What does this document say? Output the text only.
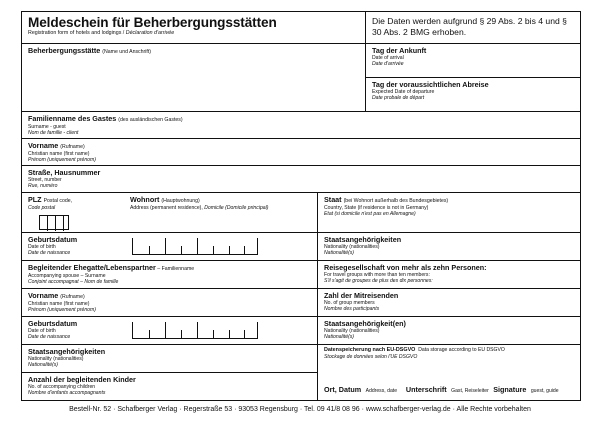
Meldeschein für Beherbergungsstätten
Registration form of hotels and lodgings / Déclaration d'arrivée
Die Daten werden aufgrund § 29 Abs. 2 bis 4 und § 30 Abs. 2 BMG erhoben.
Beherbergungsstätte (Name und Anschrift)	Tag der Ankunft
Date of arrival
Date d'arrivée
Tag der voraussichtlichen Abreise
Expected Date of departure
Date probale de départ
Familienname des Gastes (des ausländischen Gastes)
Surname - guest
Nom de famille - client
Vorname (Rufname)
Christian name (first name)
Prénom (uniquement prénom)
Straße, Hausnummer
Street, number
Rue, numéro
PLZ Postal code,
Code postal
Wohnort (Hauptwohnung)
Address (permanent residence), Domicile (Domicile principal)
Staat (bei Wohnort außerhalb des Bundesgebietes)
Country, State (if residence is not in Germany)
Etat (si domicile n'est pas en Allemagne)
Geburtsdatum
Date of birth
Date de naissance
Staatsangehörigkeiten
Nationality (nationalities)
Nationalité(s)
Begleitender Ehegatte/Lebenspartner – Familienname
Accompanying spouse – Surname
Conjoint accompagnat – Nom de famille
Reisegesellschaft von mehr als zehn Personen:
For travel groups with more than ten members:
S'il s'agit de groupes de plus des dix personnes:
Vorname (Rufname)
Christian name (first name)
Prénom (uniquement prénom)
Zahl der Mitreisenden
No. of group members
Nombre des participants
Geburtsdatum
Date of birth
Date de naissance
Staatsangehörigkeit(en)
Nationality (nationalities)
Nationalité(s)
Staatsangehörigkeiten
Nationality (nationalities)
Nationalité(s)
Datenspeicherung nach EU-DSGVO Data storage according to EU DSGVO
Stockage de données selon l'UE DSGVO
Anzahl der begleitenden Kinder
No. of accompanying children
Nombre d'enfants accompagnants	Ort, Datum Address, date Unterschrift Gast, Reiseleiter Signature guest, guide
Bestell-Nr. 52 · Schafberger Verlag · Regerstraße 53 · 93053 Regensburg · Tel. 09 41/8 08 96 · www.schafberger-verlag.de · Alle Rechte vorbehalten
